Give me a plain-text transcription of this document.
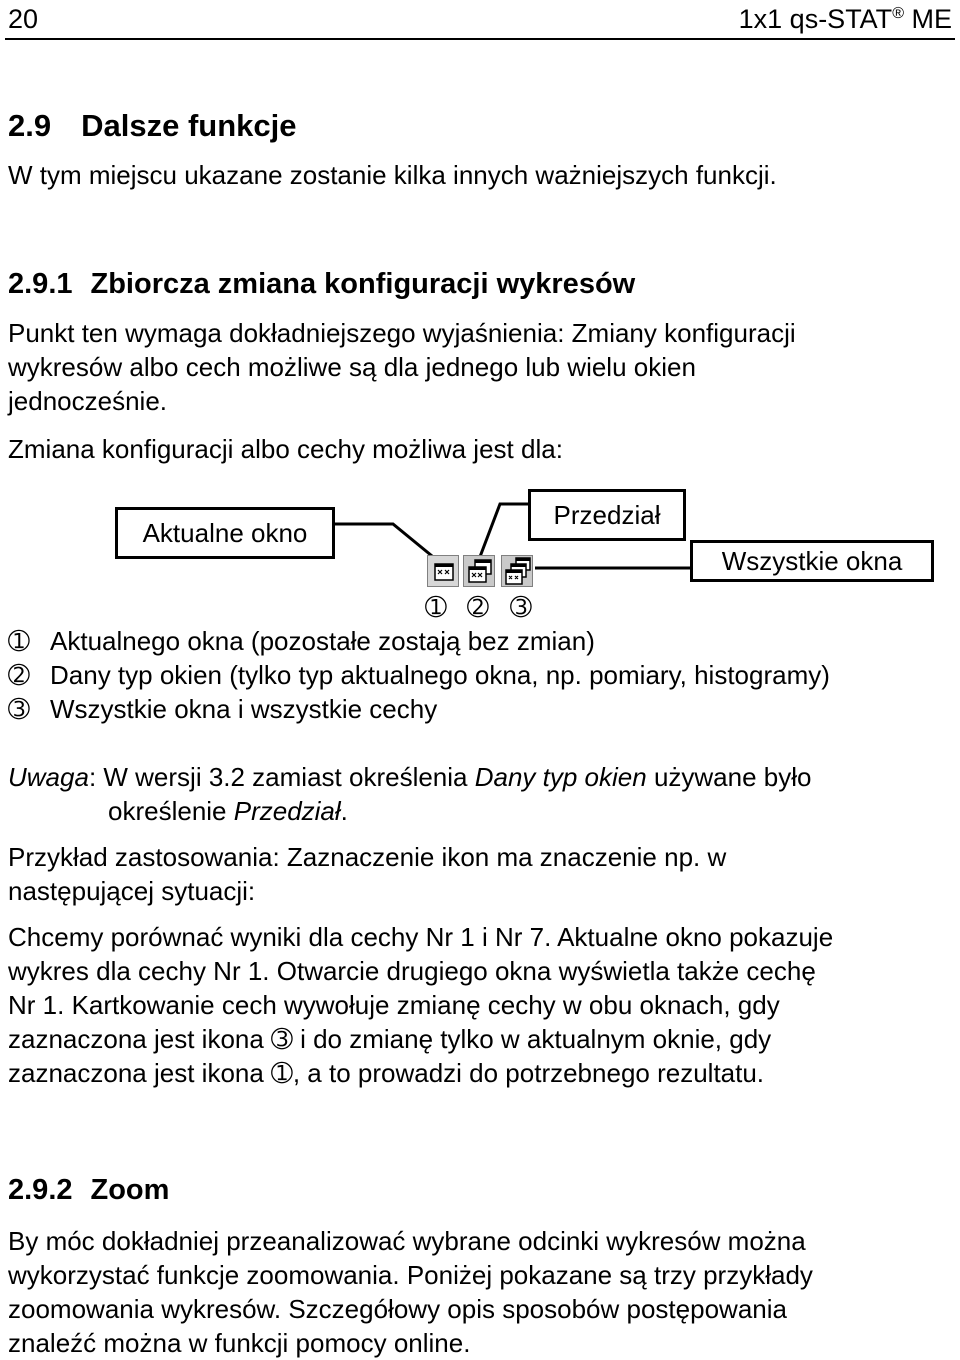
20	1x1 qs-STAT® ME
2.9 Dalsze funkcje
W tym miejscu ukazane zostanie kilka innych ważniejszych funkcji.
2.9.1 Zbiorcza zmiana konfiguracji wykresów
Punkt ten wymaga dokładniejszego wyjaśnienia: Zmiany konfiguracji
wykresów albo cech możliwe są dla jednego lub wielu okien
jednocześnie.
Zmiana konfiguracji albo cechy możliwa jest dla:
Aktualne okno
Przedział
Wszystkie okna
➀ ➁ ➂
➀ Aktualnego okna (pozostałe zostają bez zmian)
➁ Dany typ okien (tylko typ aktualnego okna, np. pomiary, histogramy)
➂ Wszystkie okna i wszystkie cechy
Uwaga: W wersji 3.2 zamiast określenia Dany typ okien używane było
określenie Przedział.
Przykład zastosowania: Zaznaczenie ikon ma znaczenie np. w
następującej sytuacji:
Chcemy porównać wyniki dla cechy Nr 1 i Nr 7. Aktualne okno pokazuje
wykres dla cechy Nr 1. Otwarcie drugiego okna wyświetla także cechę
Nr 1. Kartkowanie cech wywołuje zmianę cechy w obu oknach, gdy
zaznaczona jest ikona ➂ i do zmianę tylko w aktualnym oknie, gdy
zaznaczona jest ikona ➀, a to prowadzi do potrzebnego rezultatu.
2.9.2 Zoom
By móc dokładniej przeanalizować wybrane odcinki wykresów można
wykorzystać funkcje zoomowania. Poniżej pokazane są trzy przykłady
zoomowania wykresów. Szczegółowy opis sposobów postępowania
znaleźć można w funkcji pomocy online.
